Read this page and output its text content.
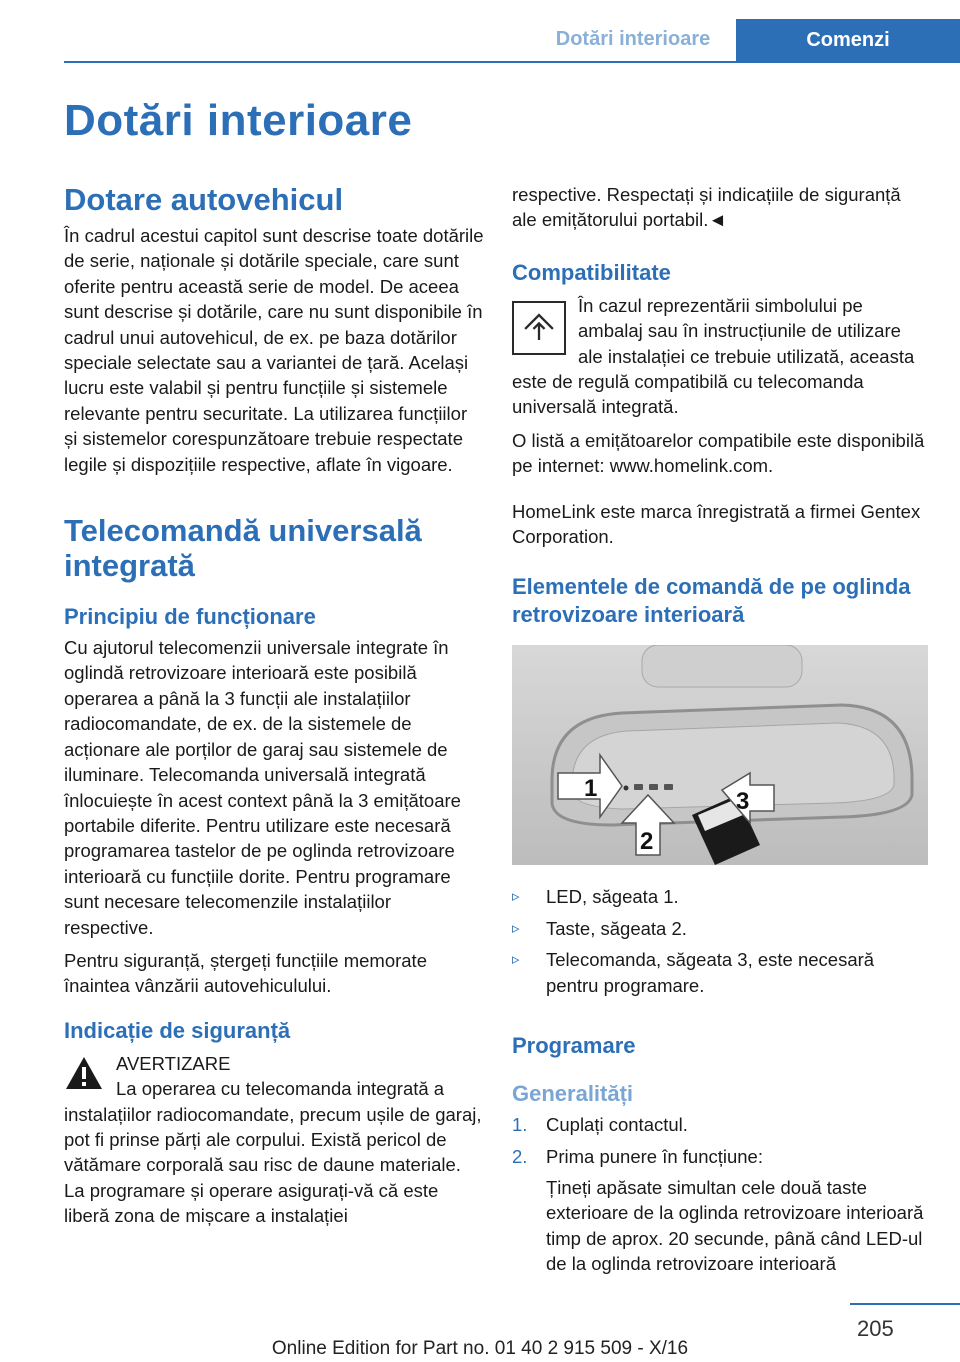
Dotări interioare	Comenzi
Dotări interioare
Dotare autovehicul

În cadrul acestui capitol sunt descrise toate dotările de serie, naționale și dotările speciale, care sunt oferite pentru această serie de model. De aceea sunt descrise și dotările, care nu sunt disponibile în cadrul unui autovehicul, de ex. pe baza dotărilor speciale selectate sau a variantei de țară. Același lucru este valabil și pentru funcțiile și sistemele relevante pentru securitate. La utilizarea funcțiilor și sistemelor corespunzătoare trebuie respectate legile și dispozițiile respective, aflate în vigoare.

Telecomandă universală integrată
Principiu de funcționare

Cu ajutorul telecomenzii universale integrate în oglindă retrovizoare interioară este posibilă operarea a până la 3 funcții ale instalațiilor radiocomandate, de ex. de la sistemele de acționare ale porților de garaj sau sistemele de iluminare. Telecomanda universală integrată înlocuiește în acest context până la 3 emițătoare portabile diferite. Pentru utilizare este necesară programarea tastelor de pe oglinda retrovizoare interioară cu funcțiile dorite. Pentru programare sunt necesare telecomenzile instalațiilor respective.

Pentru siguranță, ștergeți funcțiile memorate înaintea vânzării autovehiculului.

Indicație de siguranță
AVERTIZARE

La operarea cu telecomanda integrată a instalațiilor radiocomandate, precum ușile de garaj, pot fi prinse părți ale corpului. Există pericol de vătămare corporală sau risc de daune materiale. La programare și operare asigurați-vă că este liberă zona de mișcare a instalației

respective. Respectați și indicațiile de siguranță ale emițătorului portabil.◄

Compatibilitate

În cazul reprezentării simbolului pe ambalaj sau în instrucțiunile de utilizare ale instalației ce trebuie utilizată, aceasta este de regulă compatibilă cu telecomanda universală integrată.

O listă a emițătoarelor compatibile este disponibilă pe internet: www.homelink.com.

HomeLink este marca înregistrată a firmei Gentex Corporation.

Elementele de comandă de pe oglinda retrovizoare interioară
1
2
3
▹ LED, săgeata 1.
▹ Taste, săgeata 2.
▹ Telecomanda, săgeata 3, este necesară pentru programare.
Programare
Generalități
1. Cuplați contactul.
2. Prima punere în funcțiune:

Țineți apăsate simultan cele două taste exterioare de la oglinda retrovizoare interioară timp de aprox. 20 secunde, până când LED-ul de la oglinda retrovizoare interioară

205
Online Edition for Part no. 01 40 2 915 509 - X/16
